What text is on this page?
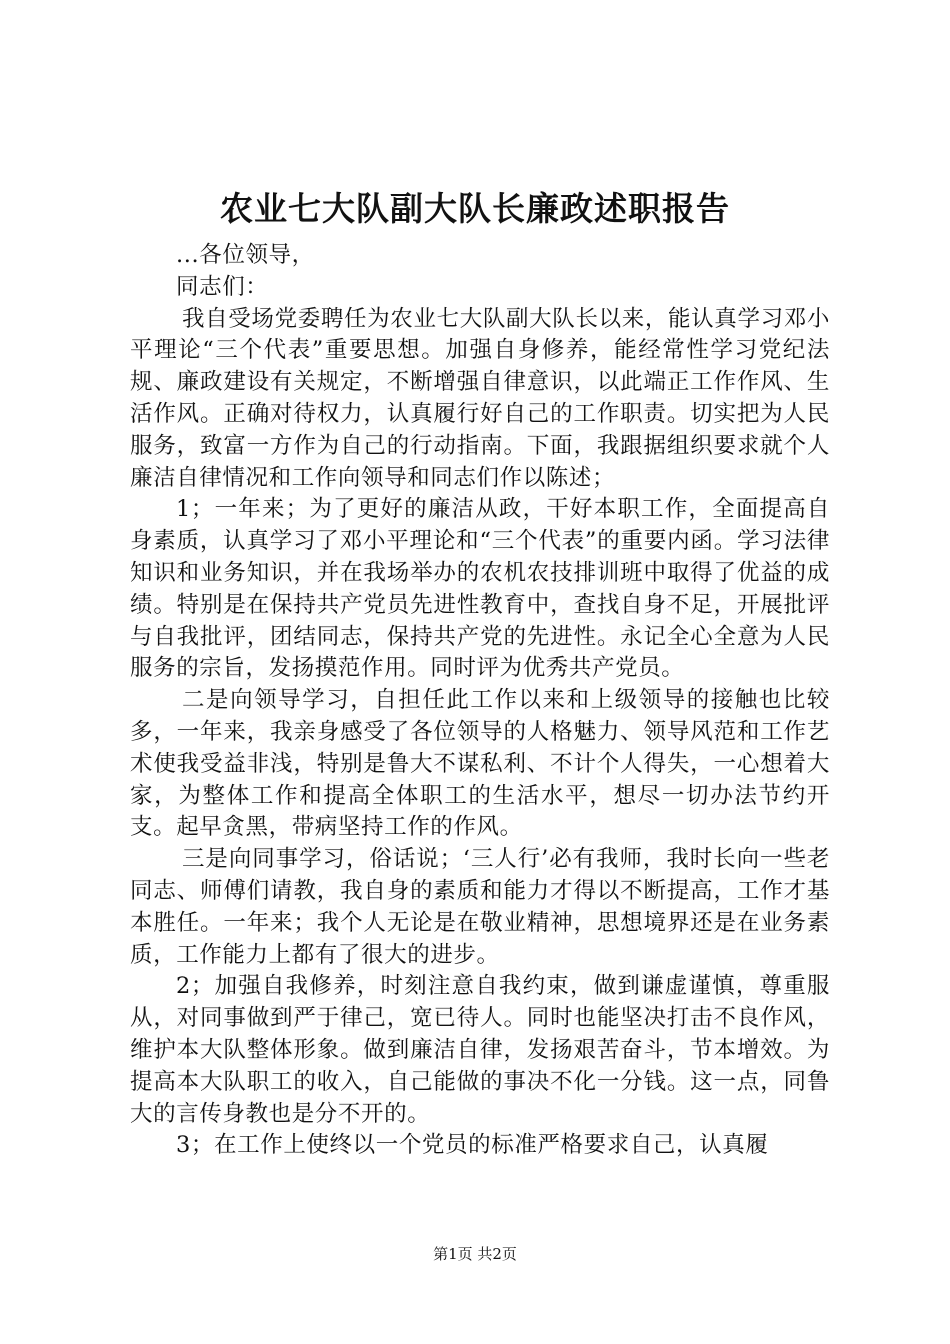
农业七大队副大队长廉政述职报告

...各位领导，

同志们：

我自受场党委聘任为农业七大队副大队长以来，能认真学习邓小平理论“三个代表”重要思想。加强自身修养，能经常性学习党纪法规、廉政建设有关规定，不断增强自律意识，以此端正工作作风、生活作风。正确对待权力，认真履行好自己的工作职责。切实把为人民服务，致富一方作为自己的行动指南。下面，我跟据组织要求就个人廉洁自律情况和工作向领导和同志们作以陈述；

1；一年来；为了更好的廉洁从政，干好本职工作，全面提高自身素质，认真学习了邓小平理论和“三个代表”的重要内函。学习法律知识和业务知识，并在我场举办的农机农技排训班中取得了优益的成绩。特别是在保持共产党员先进性教育中，查找自身不足，开展批评与自我批评，团结同志，保持共产党的先进性。永记全心全意为人民服务的宗旨，发扬摸范作用。同时评为优秀共产党员。

二是向领导学习，自担任此工作以来和上级领导的接触也比较多，一年来，我亲身感受了各位领导的人格魅力、领导风范和工作艺术使我受益非浅，特别是鲁大不谋私利、不计个人得失，一心想着大家，为整体工作和提高全体职工的生活水平，想尽一切办法节约开支。起早贪黑，带病坚持工作的作风。

三是向同事学习，俗话说；‘三人行’必有我师，我时长向一些老同志、师傅们请教，我自身的素质和能力才得以不断提高，工作才基本胜任。一年来；我个人无论是在敬业精神，思想境界还是在业务素质，工作能力上都有了很大的进步。

2；加强自我修养，时刻注意自我约束，做到谦虚谨慎，尊重服从，对同事做到严于律己，宽已待人。同时也能坚决打击不良作风，维护本大队整体形象。做到廉洁自律，发扬艰苦奋斗，节本增效。为提高本大队职工的收入，自己能做的事决不化一分钱。这一点，同鲁大的言传身教也是分不开的。

3；在工作上使终以一个党员的标准严格要求自己，认真履

第1页 共2页
